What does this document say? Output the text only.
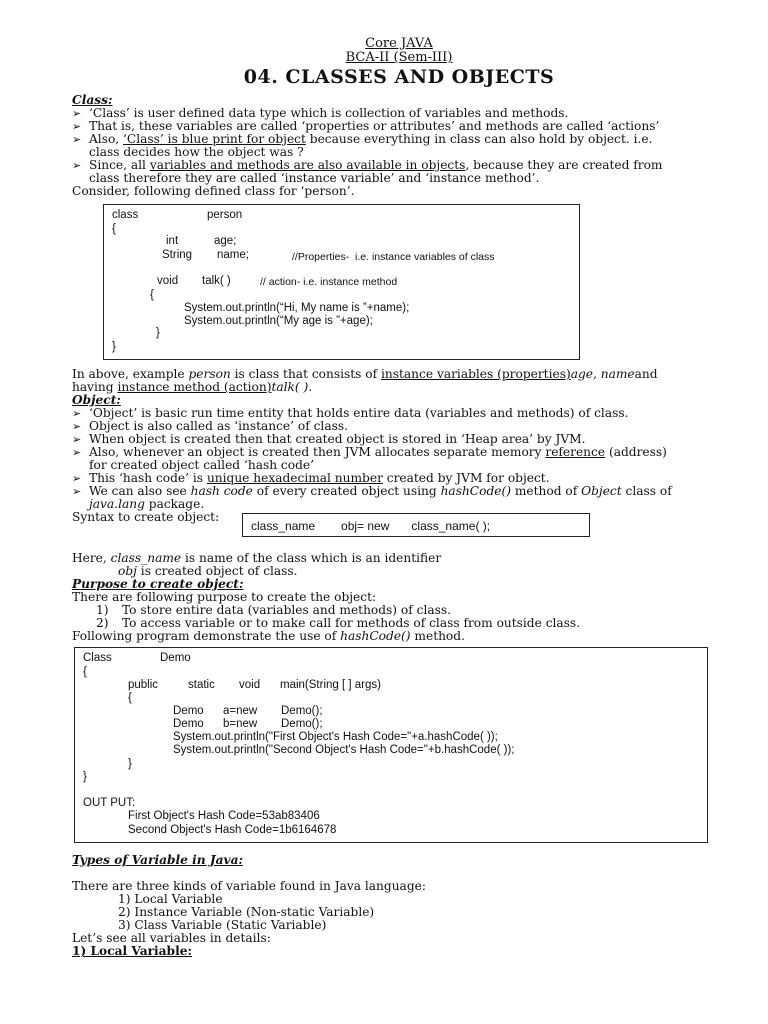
Core JAVA
BCA-II (Sem-III)
04. CLASSES AND OBJECTS
Class:
➢ ‘Class’ is user defined data type which is collection of variables and methods.
➢ That is, these variables are called ‘properties or attributes’ and methods are called ‘actions’
➢ Also, ‘Class’ is blue print for object because everything in class can also hold by object. i.e.
class decides how the object was ?
➢ Since, all variables and methods are also available in objects, because they are created from
class therefore they are called ‘instance variable’ and ‘instance method’.
Consider, following defined class for ‘person’.
class	person
{
int	age;
String name;	//Properties-  i.e. instance variables of class
void talk( )	// action- i.e. instance method
{
System.out.println(“Hi, My name is ”+name);
System.out.println(“My age is ”+age);
}
}
In above, example person is class that consists of instance variables (properties)age, nameand
having instance method (action)talk( ).
Object:
➢ ‘Object’ is basic run time entity that holds entire data (variables and methods) of class.
➢ Object is also called as ‘instance’ of class.
➢ When object is created then that created object is stored in ‘Heap area’ by JVM.
➢ Also, whenever an object is created then JVM allocates separate memory reference (address)
for created object called ‘hash code’
➢ This ‘hash code’ is unique hexadecimal number created by JVM for object.
➢ We can also see hash code of every created object using hashCode() method of Object class of
java.lang package.
Syntax to create object:
class_name obj= new class_name( );
Here, class_name is name of the class which is an identifier
obj is created object of class.
Purpose to create object:
There are following purpose to create the object:
1) To store entire data (variables and methods) of class.
2) To access variable or to make call for methods of class from outside class.
Following program demonstrate the use of hashCode() method.
Class	Demo
{
public	static void main(String [ ] args)
{
Demo a=new Demo();
Demo b=new Demo();
System.out.println("First Object's Hash Code="+a.hashCode( ));
System.out.println("Second Object's Hash Code="+b.hashCode( ));
}
}
OUT PUT:
First Object's Hash Code=53ab83406
Second Object's Hash Code=1b6164678
Types of Variable in Java:
There are three kinds of variable found in Java language:
1) Local Variable
2) Instance Variable (Non-static Variable)
3) Class Variable (Static Variable)
Let’s see all variables in details:
1) Local Variable:
